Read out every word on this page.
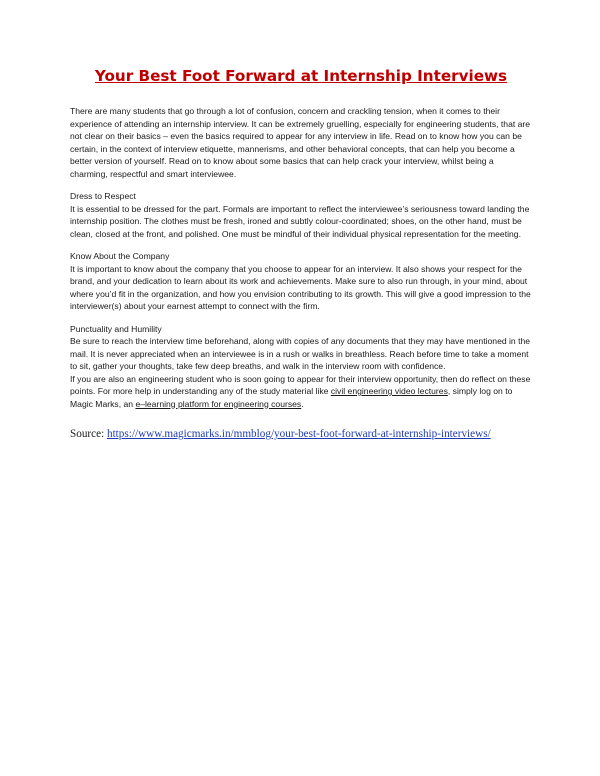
Your Best Foot Forward at Internship Interviews

There are many students that go through a lot of confusion, concern and crackling tension, when it comes to their experience of attending an internship interview. It can be extremely gruelling, especially for engineering students, that are not clear on their basics – even the basics required to appear for any interview in life. Read on to know how you can be certain, in the context of interview etiquette, mannerisms, and other behavioral concepts, that can help you become a better version of yourself. Read on to know about some basics that can help crack your interview, whilst being a charming, respectful and smart interviewee.

Dress to Respect
It is essential to be dressed for the part. Formals are important to reflect the interviewee’s seriousness toward landing the internship position. The clothes must be fresh, ironed and subtly colour-coordinated; shoes, on the other hand, must be clean, closed at the front, and polished. One must be mindful of their individual physical representation for the meeting.

Know About the Company
It is important to know about the company that you choose to appear for an interview. It also shows your respect for the brand, and your dedication to learn about its work and achievements. Make sure to also run through, in your mind, about where you’d fit in the organization, and how you envision contributing to its growth. This will give a good impression to the interviewer(s) about your earnest attempt to connect with the firm.

Punctuality and Humility
Be sure to reach the interview time beforehand, along with copies of any documents that they may have mentioned in the mail. It is never appreciated when an interviewee is in a rush or walks in breathless. Reach before time to take a moment to sit, gather your thoughts, take few deep breaths, and walk in the interview room with confidence.

If you are also an engineering student who is soon going to appear for their interview opportunity, then do reflect on these points. For more help in understanding any of the study material like civil engineering video lectures, simply log on to Magic Marks, an e–learning platform for engineering courses.

Source: https://www.magicmarks.in/mmblog/your-best-foot-forward-at-internship-interviews/
